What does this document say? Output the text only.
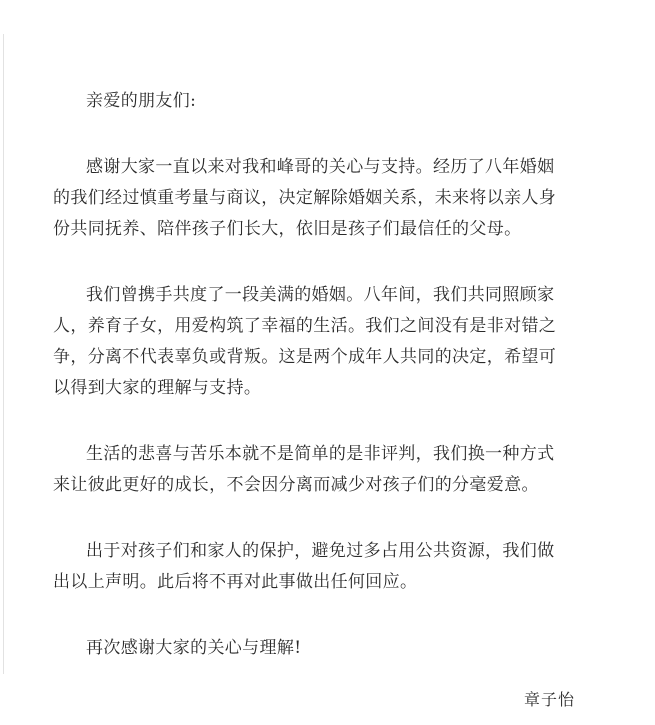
亲爱的朋友们:
感谢大家一直以来对我和峰哥的关心与支持。经历了八年婚姻
的我们经过慎重考量与商议，决定解除婚姻关系，未来将以亲人身
份共同抚养、陪伴孩子们长大，依旧是孩子们最信任的父母。
我们曾携手共度了一段美满的婚姻。八年间，我们共同照顾家
人，养育子女，用爱构筑了幸福的生活。我们之间没有是非对错之
争，分离不代表辜负或背叛。这是两个成年人共同的决定，希望可
以得到大家的理解与支持。
生活的悲喜与苦乐本就不是简单的是非评判，我们换一种方式
来让彼此更好的成长，不会因分离而减少对孩子们的分毫爱意。
出于对孩子们和家人的保护，避免过多占用公共资源，我们做
出以上声明。此后将不再对此事做出任何回应。
再次感谢大家的关心与理解!
章子怡
